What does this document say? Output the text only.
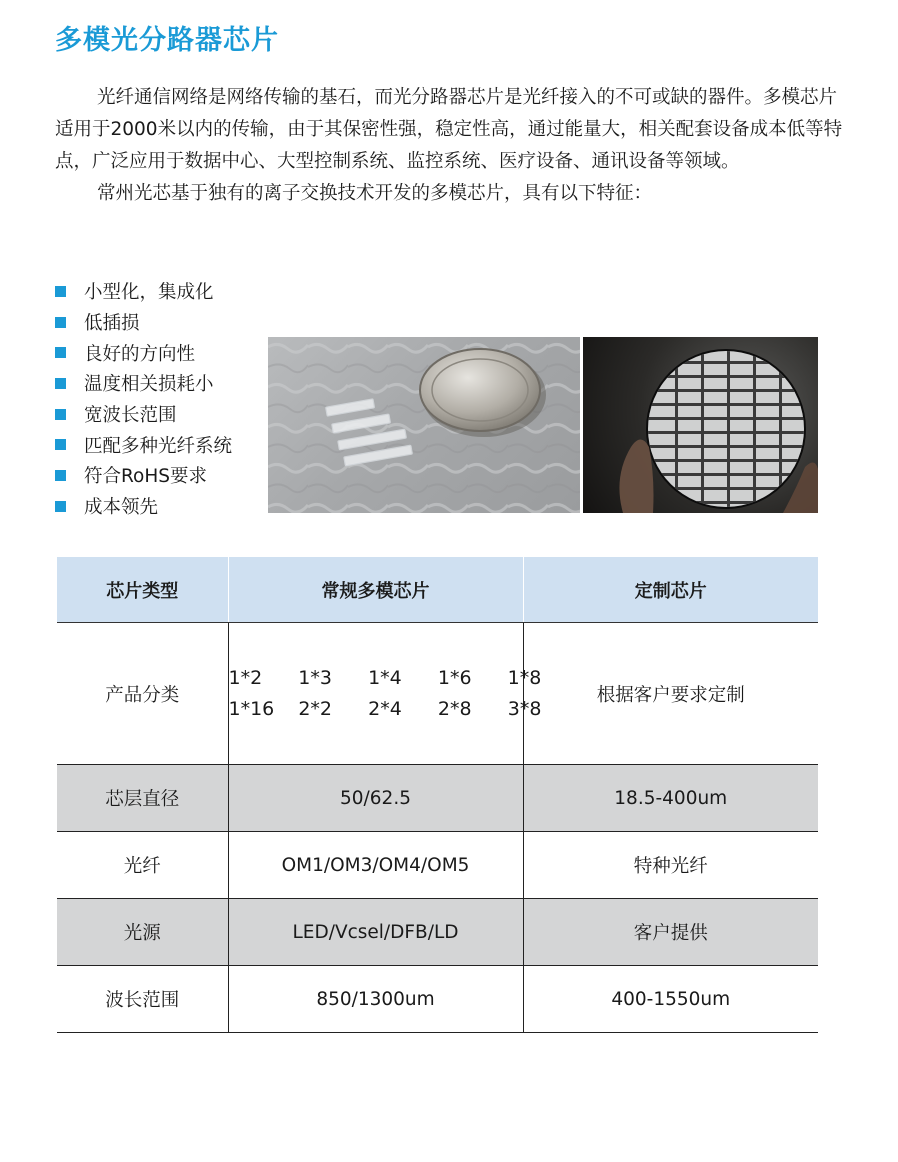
多模光分路器芯片

光纤通信网络是网络传输的基石，而光分路器芯片是光纤接入的不可或缺的器件。多模芯片适用于2000米以内的传输，由于其保密性强，稳定性高，通过能量大，相关配套设备成本低等特点，广泛应用于数据中心、大型控制系统、监控系统、医疗设备、通讯设备等领域。

常州光芯基于独有的离子交换技术开发的多模芯片，具有以下特征：

小型化，集成化
低插损
良好的方向性
温度相关损耗小
宽波长范围
匹配多种光纤系统
符合RoHS要求
成本领先
芯片类型	常规多模芯片	定制芯片
产品分类	1*2   1*3   1*4   1*6   1*8
1*16  2*2   2*4   2*8   3*8	根据客户要求定制
芯层直径	50/62.5	18.5-400um
光纤	OM1/OM3/OM4/OM5	特种光纤
光源	LED/Vcsel/DFB/LD	客户提供
波长范围	850/1300um	400-1550um
